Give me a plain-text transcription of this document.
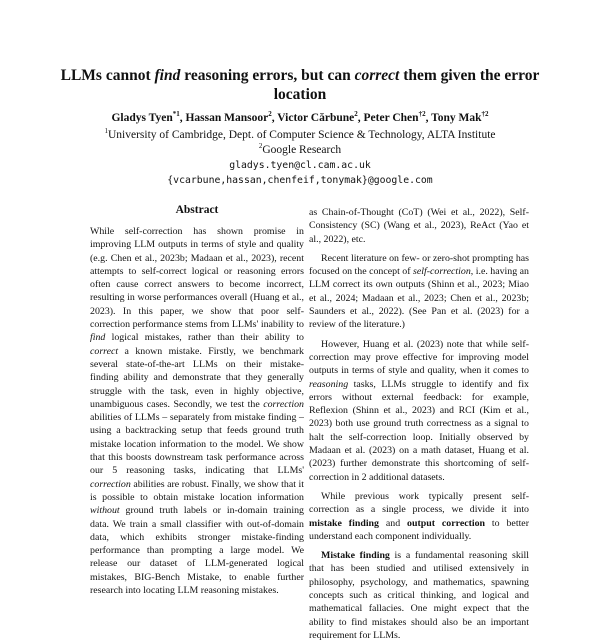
LLMs cannot find reasoning errors, but can correct them given the error
location
Gladys Tyen$^{*1}$, Hassan Mansoor$^2$, Victor Cărbune$^2$, Peter Chen$^{\dagger 2}$, Tony Mak$^{\dagger 2}$
$^1$University of Cambridge, Dept. of Computer Science & Technology, ALTA Institute
$^2$Google Research
gladys.tyen@cl.cam.ac.uk
{vcarbune,hassan,chenfeif,tonymak}@google.com
Abstract
While self-correction has shown promise in improving LLM outputs in terms of style and quality (e.g. Chen et al., 2023b; Madaan et al., 2023), recent attempts to self-correct logical or reasoning errors often cause correct answers to become incorrect, resulting in worse performances overall (Huang et al., 2023). In this paper, we show that poor self-correction performance stems from LLMs' inability to find logical mistakes, rather than their ability to correct a known mistake. Firstly, we benchmark several state-of-the-art LLMs on their mistake-finding ability and demonstrate that they generally struggle with the task, even in highly objective, unambiguous cases. Secondly, we test the correction abilities of LLMs – separately from mistake finding – using a backtracking setup that feeds ground truth mistake location information to the model. We show that this boosts downstream task performance across our 5 reasoning tasks, indicating that LLMs' correction abilities are robust. Finally, we show that it is possible to obtain mistake location information without ground truth labels or in-domain training data. We train a small classifier with out-of-domain data, which exhibits stronger mistake-finding performance than prompting a large model. We release our dataset of LLM-generated logical mistakes, BIG-Bench Mistake, to enable further research into locating LLM reasoning mistakes.

as Chain-of-Thought (CoT) (Wei et al., 2022), Self-Consistency (SC) (Wang et al., 2023), ReAct (Yao et al., 2022), etc.

Recent literature on few- or zero-shot prompting has focused on the concept of self-correction, i.e. having an LLM correct its own outputs (Shinn et al., 2023; Miao et al., 2024; Madaan et al., 2023; Chen et al., 2023b; Saunders et al., 2022). (See Pan et al. (2023) for a review of the literature.)

However, Huang et al. (2023) note that while self-correction may prove effective for improving model outputs in terms of style and quality, when it comes to reasoning tasks, LLMs struggle to identify and fix errors without external feedback: for example, Reflexion (Shinn et al., 2023) and RCI (Kim et al., 2023) both use ground truth correctness as a signal to halt the self-correction loop. Initially observed by Madaan et al. (2023) on a math dataset, Huang et al. (2023) further demonstrate this shortcoming of self-correction in 2 additional datasets.

While previous work typically present self-correction as a single process, we divide it into mistake finding and output correction to better understand each component individually.

Mistake finding is a fundamental reasoning skill that has been studied and utilised extensively in philosophy, psychology, and mathematics, spawning concepts such as critical thinking, and logical and mathematical fallacies. One might expect that the ability to find mistakes should also be an important requirement for LLMs.
